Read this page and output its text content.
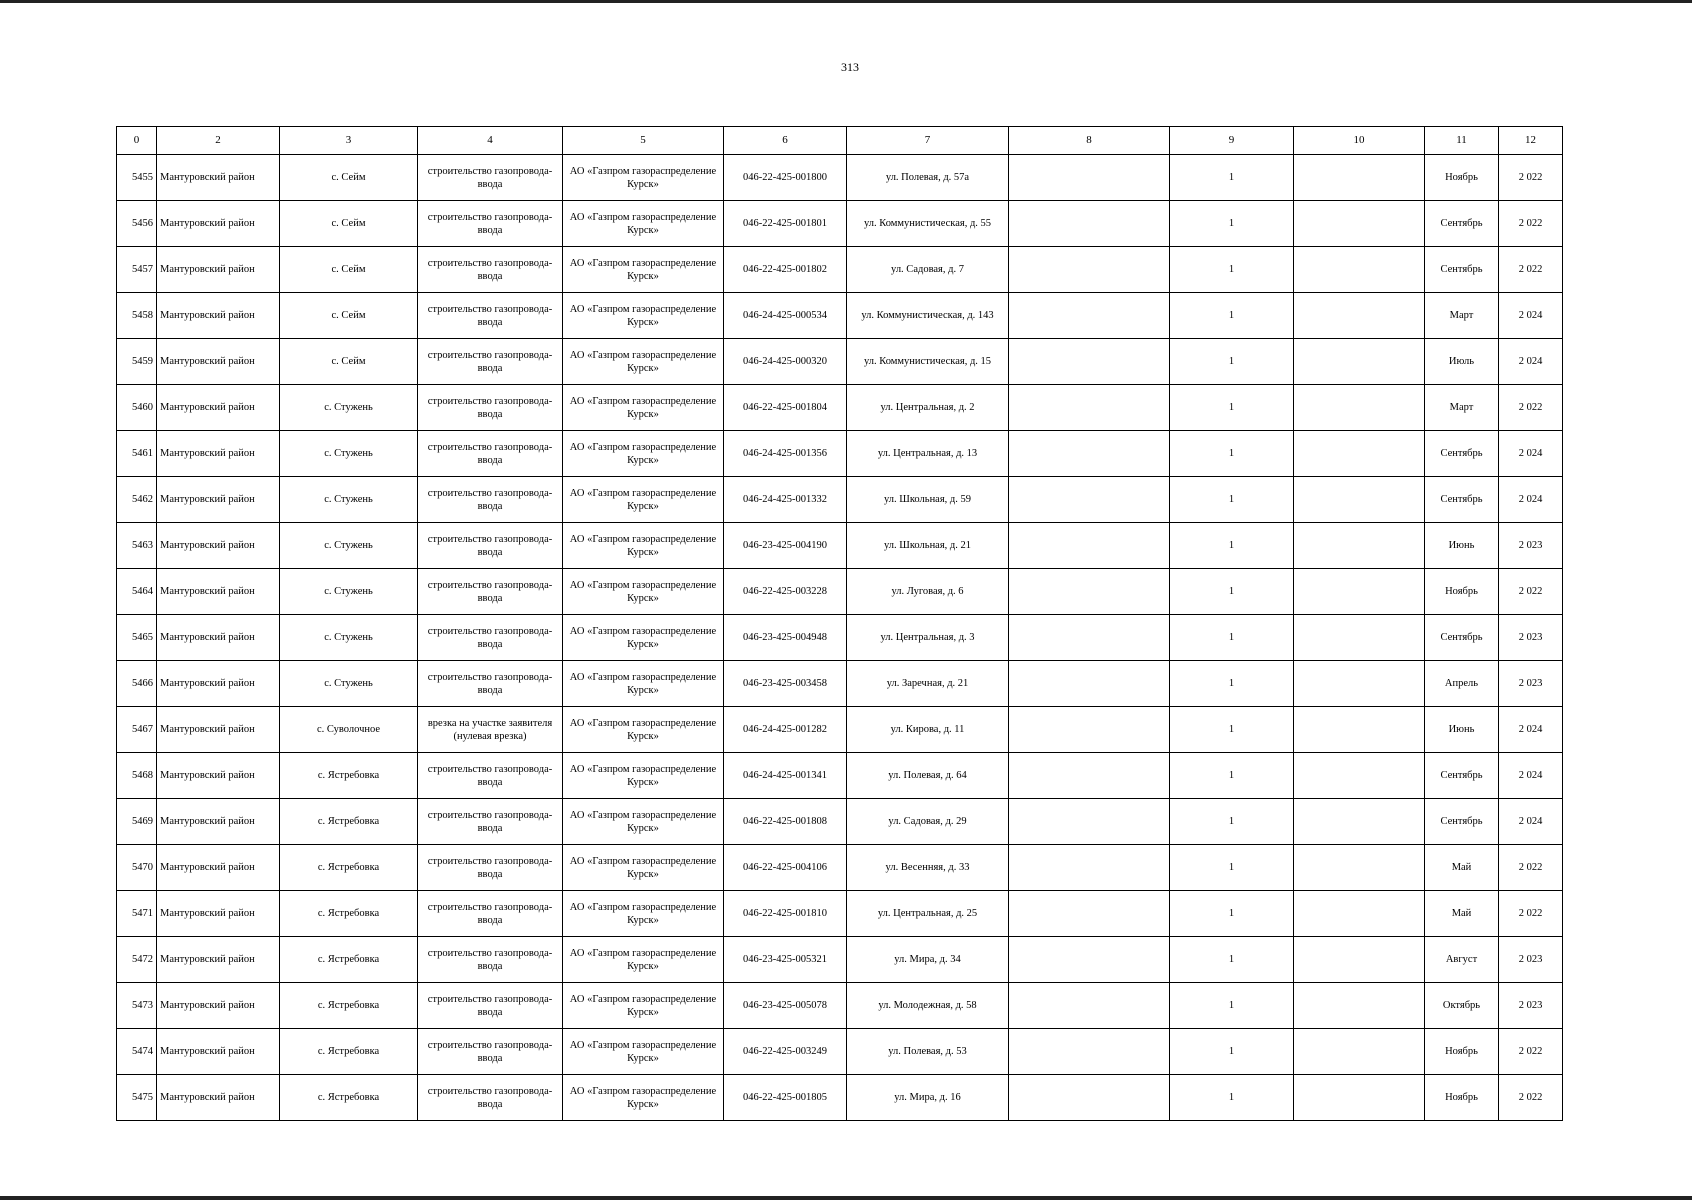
313
0	2	3	4	5	6	7	8	9	10	11	12
5455	Мантуровский район	с. Сейм	строительство газопровода-ввода	АО «Газпром газораспределение Курск»	046-22-425-001800	ул. Полевая, д. 57а		1		Ноябрь	2 022
5456	Мантуровский район	с. Сейм	строительство газопровода-ввода	АО «Газпром газораспределение Курск»	046-22-425-001801	ул. Коммунистическая, д. 55		1		Сентябрь	2 022
5457	Мантуровский район	с. Сейм	строительство газопровода-ввода	АО «Газпром газораспределение Курск»	046-22-425-001802	ул. Садовая, д. 7		1		Сентябрь	2 022
5458	Мантуровский район	с. Сейм	строительство газопровода-ввода	АО «Газпром газораспределение Курск»	046-24-425-000534	ул. Коммунистическая, д. 143		1		Март	2 024
5459	Мантуровский район	с. Сейм	строительство газопровода-ввода	АО «Газпром газораспределение Курск»	046-24-425-000320	ул. Коммунистическая, д. 15		1		Июль	2 024
5460	Мантуровский район	с. Стужень	строительство газопровода-ввода	АО «Газпром газораспределение Курск»	046-22-425-001804	ул. Центральная, д. 2		1		Март	2 022
5461	Мантуровский район	с. Стужень	строительство газопровода-ввода	АО «Газпром газораспределение Курск»	046-24-425-001356	ул. Центральная, д. 13		1		Сентябрь	2 024
5462	Мантуровский район	с. Стужень	строительство газопровода-ввода	АО «Газпром газораспределение Курск»	046-24-425-001332	ул. Школьная, д. 59		1		Сентябрь	2 024
5463	Мантуровский район	с. Стужень	строительство газопровода-ввода	АО «Газпром газораспределение Курск»	046-23-425-004190	ул. Школьная, д. 21		1		Июнь	2 023
5464	Мантуровский район	с. Стужень	строительство газопровода-ввода	АО «Газпром газораспределение Курск»	046-22-425-003228	ул. Луговая, д. 6		1		Ноябрь	2 022
5465	Мантуровский район	с. Стужень	строительство газопровода-ввода	АО «Газпром газораспределение Курск»	046-23-425-004948	ул. Центральная, д. 3		1		Сентябрь	2 023
5466	Мантуровский район	с. Стужень	строительство газопровода-ввода	АО «Газпром газораспределение Курск»	046-23-425-003458	ул. Заречная, д. 21		1		Апрель	2 023
5467	Мантуровский район	с. Суволочное	врезка на участке заявителя (нулевая врезка)	АО «Газпром газораспределение Курск»	046-24-425-001282	ул. Кирова, д. 11		1		Июнь	2 024
5468	Мантуровский район	с. Ястребовка	строительство газопровода-ввода	АО «Газпром газораспределение Курск»	046-24-425-001341	ул. Полевая, д. 64		1		Сентябрь	2 024
5469	Мантуровский район	с. Ястребовка	строительство газопровода-ввода	АО «Газпром газораспределение Курск»	046-22-425-001808	ул. Садовая, д. 29		1		Сентябрь	2 024
5470	Мантуровский район	с. Ястребовка	строительство газопровода-ввода	АО «Газпром газораспределение Курск»	046-22-425-004106	ул. Весенняя, д. 33		1		Май	2 022
5471	Мантуровский район	с. Ястребовка	строительство газопровода-ввода	АО «Газпром газораспределение Курск»	046-22-425-001810	ул. Центральная, д. 25		1		Май	2 022
5472	Мантуровский район	с. Ястребовка	строительство газопровода-ввода	АО «Газпром газораспределение Курск»	046-23-425-005321	ул. Мира, д. 34		1		Август	2 023
5473	Мантуровский район	с. Ястребовка	строительство газопровода-ввода	АО «Газпром газораспределение Курск»	046-23-425-005078	ул. Молодежная, д. 58		1		Октябрь	2 023
5474	Мантуровский район	с. Ястребовка	строительство газопровода-ввода	АО «Газпром газораспределение Курск»	046-22-425-003249	ул. Полевая, д. 53		1		Ноябрь	2 022
5475	Мантуровский район	с. Ястребовка	строительство газопровода-ввода	АО «Газпром газораспределение Курск»	046-22-425-001805	ул. Мира, д. 16		1		Ноябрь	2 022
